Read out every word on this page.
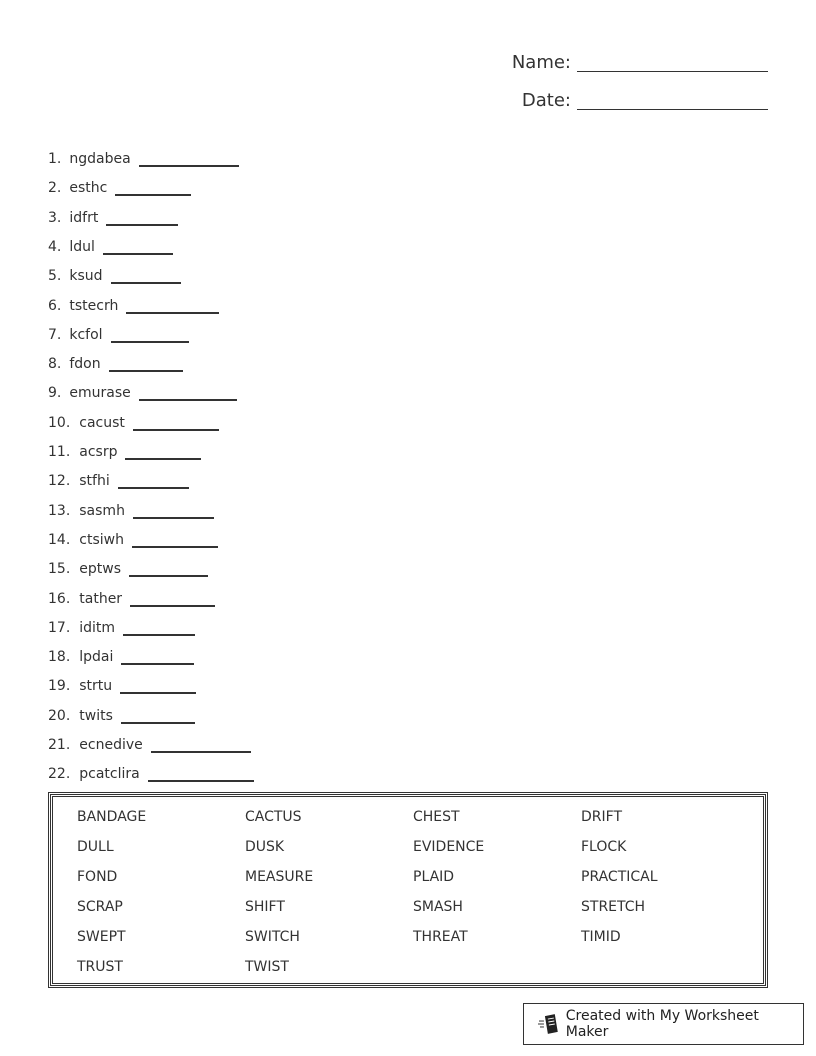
Name:
Date:
1. ngdabea
2. esthc
3. idfrt
4. ldul
5. ksud
6. tstecrh
7. kcfol
8. fdon
9. emurase
10. cacust
11. acsrp
12. stfhi
13. sasmh
14. ctsiwh
15. eptws
16. tather
17. iditm
18. lpdai
19. strtu
20. twits
21. ecnedive
22. pcatclira
BANDAGE	CACTUS	CHEST	DRIFT
DULL	DUSK	EVIDENCE	FLOCK
FOND	MEASURE	PLAID	PRACTICAL
SCRAP	SHIFT	SMASH	STRETCH
SWEPT	SWITCH	THREAT	TIMID
TRUST	TWIST
Created with My Worksheet Maker
